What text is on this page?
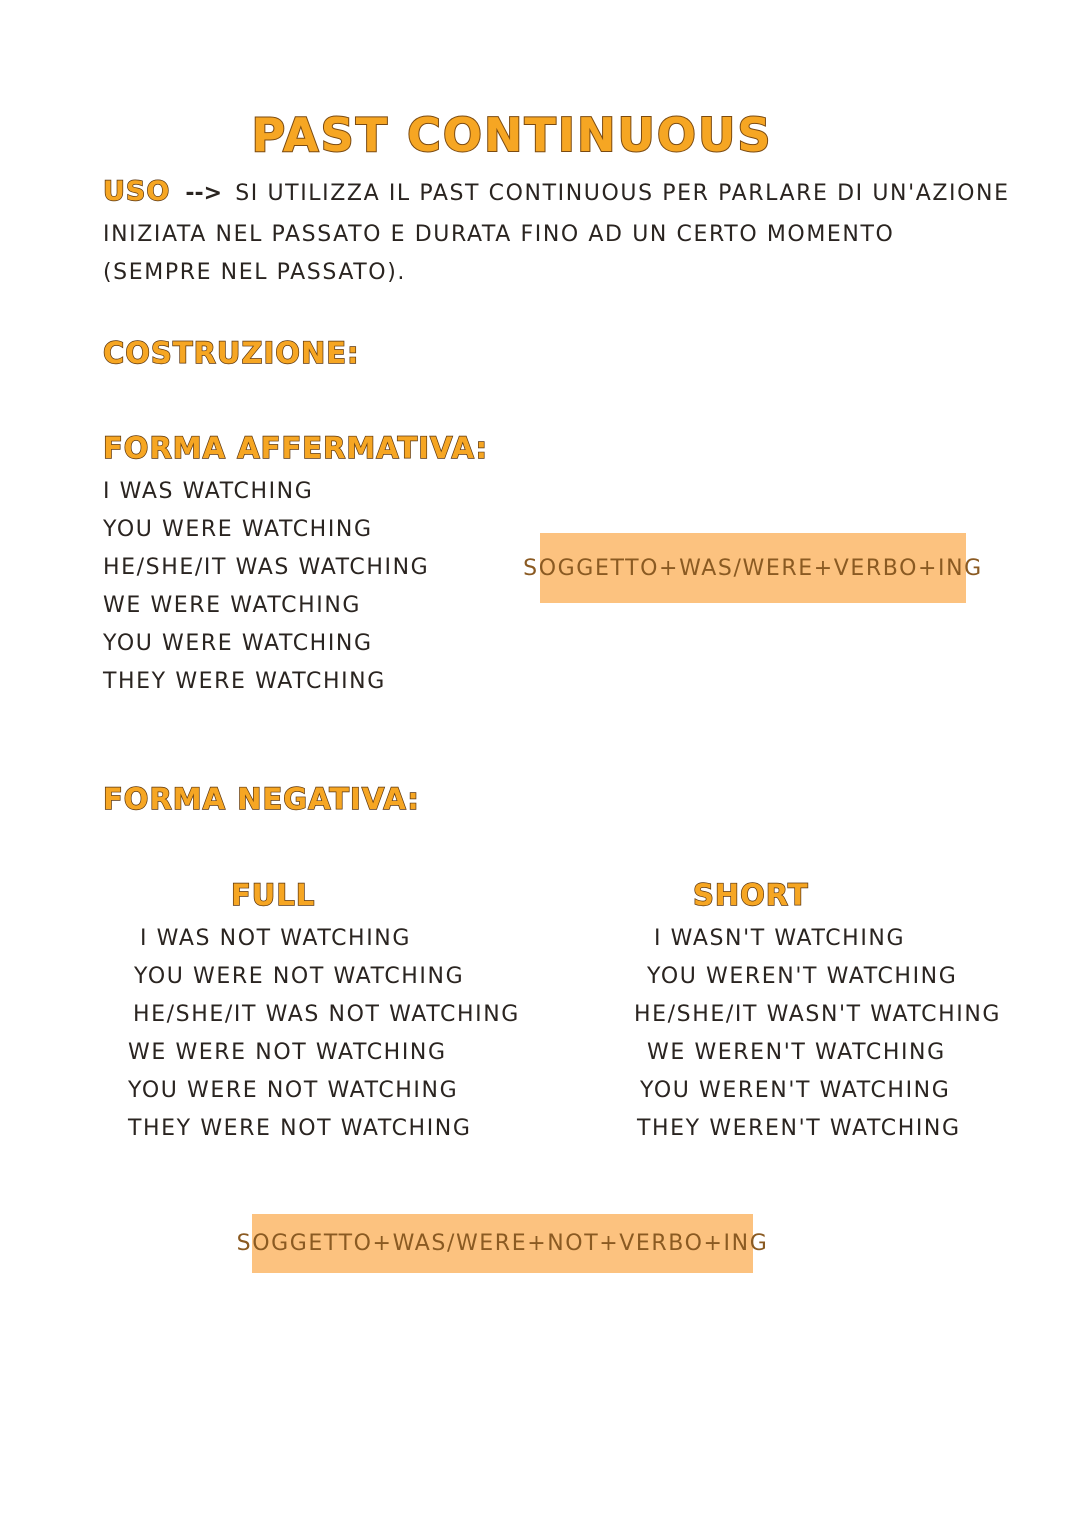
PAST CONTINUOUS
USO --> SI UTILIZZA IL PAST CONTINUOUS PER PARLARE DI UN'AZIONE
INIZIATA NEL PASSATO E DURATA FINO AD UN CERTO MOMENTO
(SEMPRE NEL PASSATO).
COSTRUZIONE:
FORMA AFFERMATIVA:
I WAS WATCHING
YOU WERE WATCHING
HE/SHE/IT WAS WATCHING
WE WERE WATCHING
YOU WERE WATCHING
THEY WERE WATCHING
SOGGETTO+WAS/WERE+VERBO+ING
FORMA NEGATIVA:
FULL	SHORT
I WAS NOT WATCHING
YOU WERE NOT WATCHING
HE/SHE/IT WAS NOT WATCHING
WE WERE NOT WATCHING
YOU WERE NOT WATCHING
THEY WERE NOT WATCHING
I WASN'T WATCHING
YOU WEREN'T WATCHING
HE/SHE/IT WASN'T WATCHING
WE WEREN'T WATCHING
YOU WEREN'T WATCHING
THEY WEREN'T WATCHING
SOGGETTO+WAS/WERE+NOT+VERBO+ING
